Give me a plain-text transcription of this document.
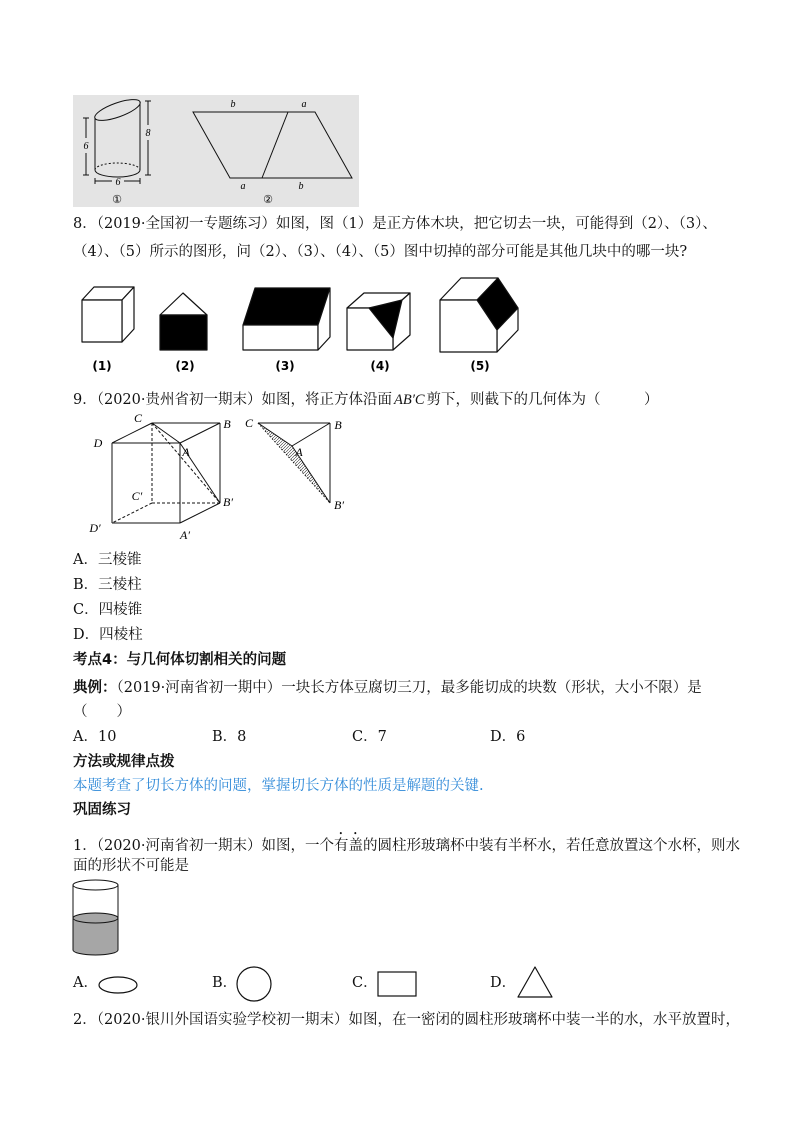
6
8
6
①
b	a
a	b
②
8．（2019·全国初一专题练习）如图，图（1）是正方体木块，把它切去一块，可能得到（2）、（3）、
（4）、（5）所示的图形，问（2）、（3）、（4）、（5）图中切掉的部分可能是其他几块中的哪一块?
(1)	(2)	(3)	(4)	(5)
9．（2020·贵州省初一期末）如图，将正方体沿面 AB′C 剪下，则截下的几何体为（　　　）
C	B
D
A
C′	B′
D′	A′
C	B
A
B′
A．三棱锥
B．三棱柱
C．四棱锥
D．四棱柱
考点4：与几何体切割相关的问题
典例：（2019·河南省初一期中）一块长方体豆腐切三刀，最多能切成的块数（形状，大小不限）是
（　　）
A．10	B．8	C．7	D．6
方法或规律点拨
本题考查了切长方体的问题，掌握切长方体的性质是解题的关键.
巩固练习
1．（2020·河南省初一期末）如图，一个有盖的圆柱形玻璃杯中装有半杯水，若任意放置这个水杯，则水
面的形状不可能是
A．	B．	C．	D．
2．（2020·银川外国语实验学校初一期末）如图，在一密闭的圆柱形玻璃杯中装一半的水，水平放置时，
